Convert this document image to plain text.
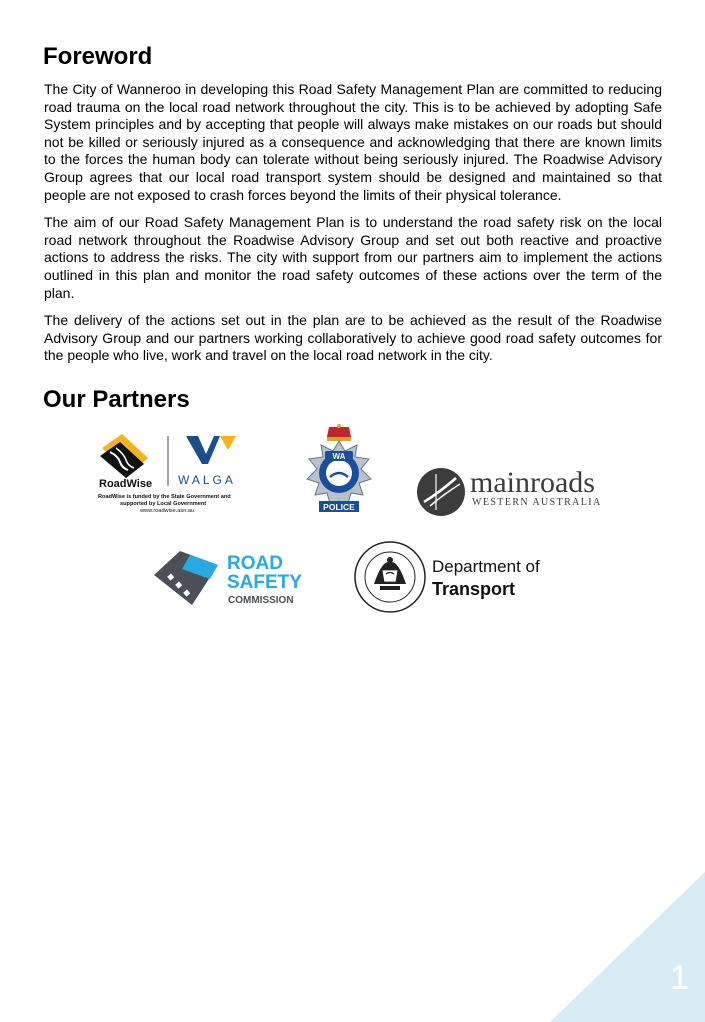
Foreword

The City of Wanneroo in developing this Road Safety Management Plan are committed to reducing road trauma on the local road network throughout the city. This is to be achieved by adopting Safe System principles and by accepting that people will always make mistakes on our roads but should not be killed or seriously injured as a consequence and acknowledging that there are known limits to the forces the human body can tolerate without being seriously injured. The Roadwise Advisory Group agrees that our local road transport system should be designed and maintained so that people are not exposed to crash forces beyond the limits of their physical tolerance.

The aim of our Road Safety Management Plan is to understand the road safety risk on the local road network throughout the Roadwise Advisory Group and set out both reactive and proactive actions to address the risks. The city with support from our partners aim to implement the actions outlined in this plan and monitor the road safety outcomes of these actions over the term of the plan.

The delivery of the actions set out in the plan are to be achieved as the result of the Roadwise Advisory Group and our partners working collaboratively to achieve good road safety outcomes for the people who live, work and travel on the local road network in the city.

Our Partners
RoadWise WALGA
RoadWise is funded by the State Government and
supported by Local Government
www.roadwise.asn.au
WA
POLICE
mainroads
WESTERN AUSTRALIA
ROAD
SAFETY
COMMISSION
Department of
Transport
1
